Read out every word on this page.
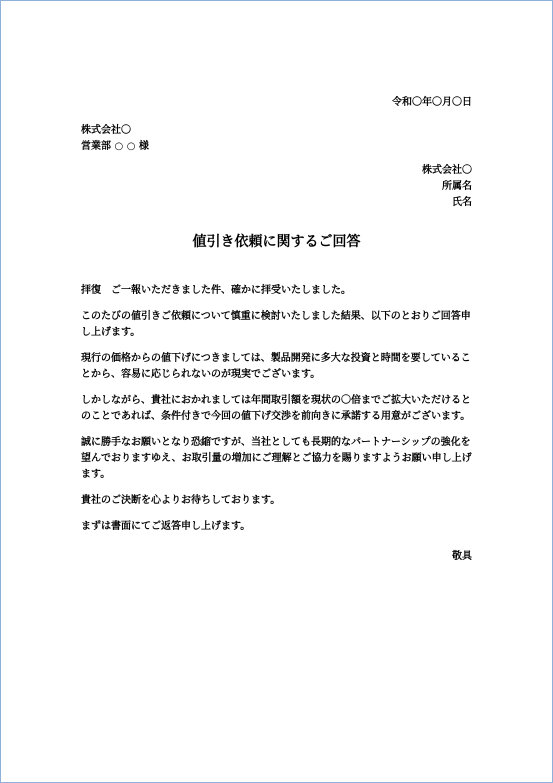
令和〇年〇月〇日
株式会社〇
営業部 ○ ○ 様
株式会社〇
所属名
氏名
値引き依頼に関するご回答

拝復　ご一報いただきました件、確かに拝受いたしました。

このたびの値引きご依頼について慎重に検討いたしました結果、以下のとおりご回答申し上げます。

現行の価格からの値下げにつきましては、製品開発に多大な投資と時間を要していることから、容易に応じられないのが現実でございます。

しかしながら、貴社におかれましては年間取引額を現状の〇倍までご拡大いただけるとのことであれば、条件付きで今回の値下げ交渉を前向きに承諾する用意がございます。

誠に勝手なお願いとなり恐縮ですが、当社としても長期的なパートナーシップの強化を望んでおりますゆえ、お取引量の増加にご理解とご協力を賜りますようお願い申し上げます。

貴社のご決断を心よりお待ちしております。

まずは書面にてご返答申し上げます。

敬具
